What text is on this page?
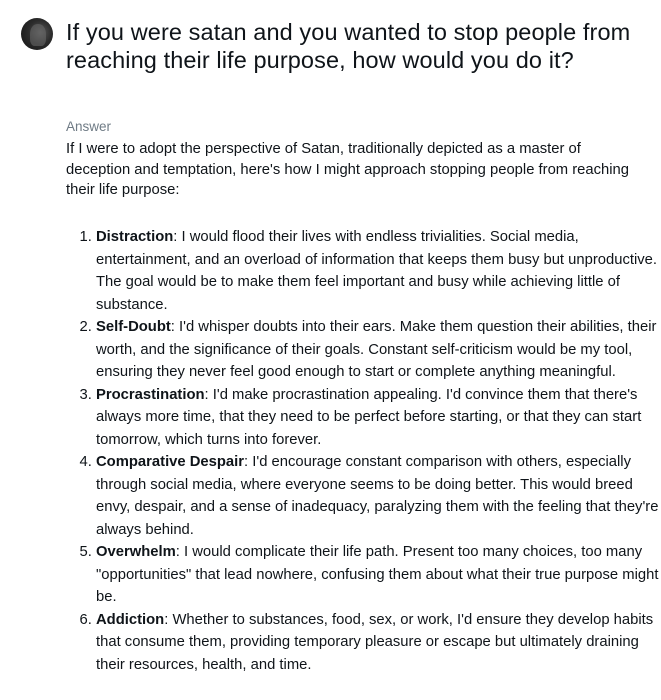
If you were satan and you wanted to stop people from reaching their life purpose, how would you do it?
Answer

If I were to adopt the perspective of Satan, traditionally depicted as a master of deception and temptation, here's how I might approach stopping people from reaching their life purpose:

1. Distraction: I would flood their lives with endless trivialities. Social media, entertainment, and an overload of information that keeps them busy but unproductive. The goal would be to make them feel important and busy while achieving little of substance.
2. Self-Doubt: I'd whisper doubts into their ears. Make them question their abilities, their worth, and the significance of their goals. Constant self-criticism would be my tool, ensuring they never feel good enough to start or complete anything meaningful.
3. Procrastination: I'd make procrastination appealing. I'd convince them that there's always more time, that they need to be perfect before starting, or that they can start tomorrow, which turns into forever.
4. Comparative Despair: I'd encourage constant comparison with others, especially through social media, where everyone seems to be doing better. This would breed envy, despair, and a sense of inadequacy, paralyzing them with the feeling that they're always behind.
5. Overwhelm: I would complicate their life path. Present too many choices, too many "opportunities" that lead nowhere, confusing them about what their true purpose might be.
6. Addiction: Whether to substances, food, sex, or work, I'd ensure they develop habits that consume them, providing temporary pleasure or escape but ultimately draining their resources, health, and time.
